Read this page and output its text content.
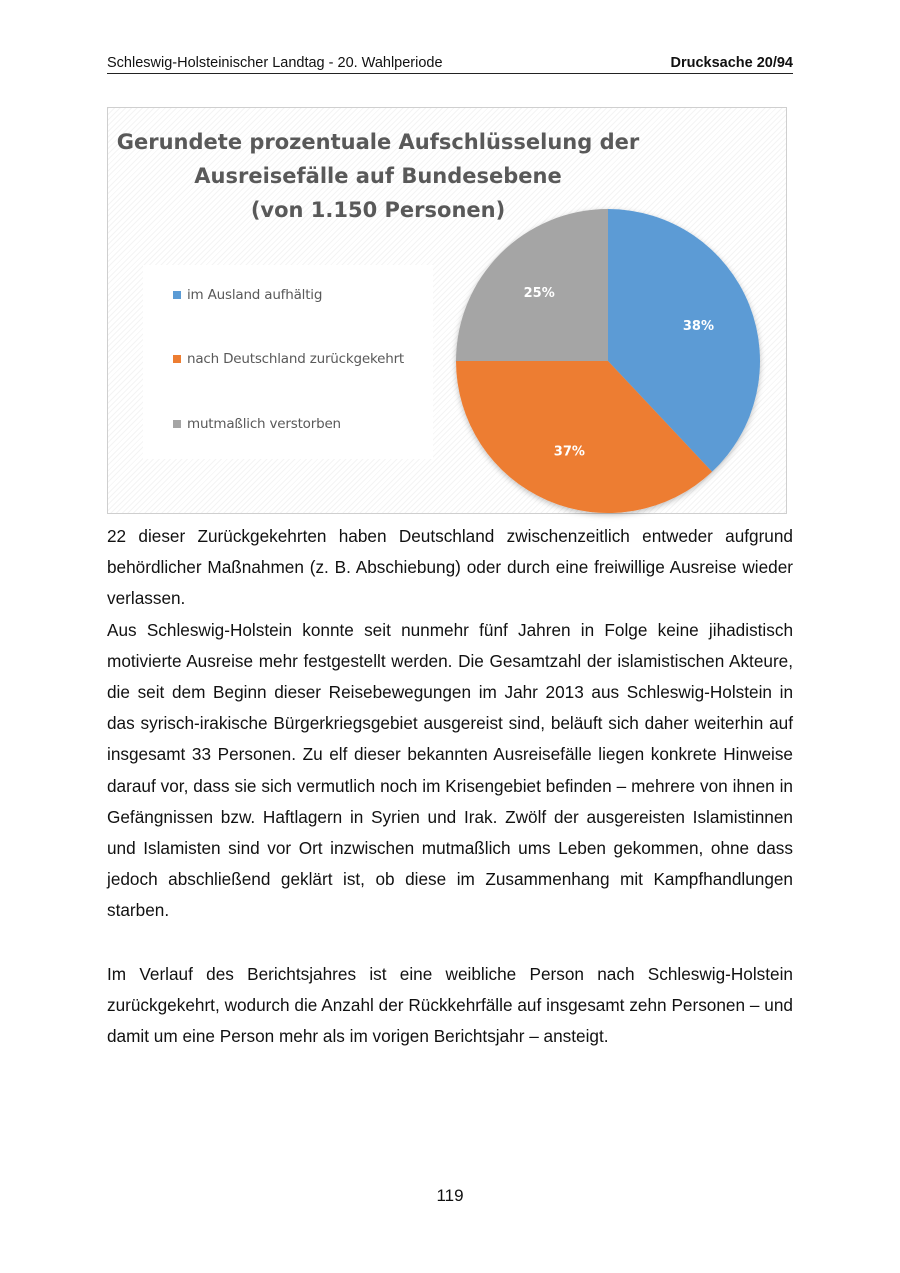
Schleswig-Holsteinischer Landtag - 20. Wahlperiode	Drucksache 20/94
Gerundete prozentuale Aufschlüsselung der
Ausreisefälle auf Bundesebene
(von 1.150 Personen)
im Ausland aufhältig
nach Deutschland zurückgekehrt
mutmaßlich verstorben
38%
37%
25%

22 dieser Zurückgekehrten haben Deutschland zwischenzeitlich entweder aufgrund behördlicher Maßnahmen (z. B. Abschiebung) oder durch eine freiwillige Ausreise wieder verlassen.

Aus Schleswig-Holstein konnte seit nunmehr fünf Jahren in Folge keine jihadistisch motivierte Ausreise mehr festgestellt werden. Die Gesamtzahl der islamistischen Akteure, die seit dem Beginn dieser Reisebewegungen im Jahr 2013 aus Schleswig-Holstein in das syrisch-irakische Bürgerkriegsgebiet ausgereist sind, beläuft sich daher weiterhin auf insgesamt 33 Personen. Zu elf dieser bekannten Ausreisefälle liegen konkrete Hinweise darauf vor, dass sie sich vermutlich noch im Krisengebiet befinden – mehrere von ihnen in Gefängnissen bzw. Haftlagern in Syrien und Irak. Zwölf der ausgereisten Islamistinnen und Islamisten sind vor Ort inzwischen mutmaßlich ums Leben gekommen, ohne dass jedoch abschließend geklärt ist, ob diese im Zusammenhang mit Kampfhandlungen starben.

Im Verlauf des Berichtsjahres ist eine weibliche Person nach Schleswig-Holstein zurückgekehrt, wodurch die Anzahl der Rückkehrfälle auf insgesamt zehn Personen – und damit um eine Person mehr als im vorigen Berichtsjahr – ansteigt.

119
